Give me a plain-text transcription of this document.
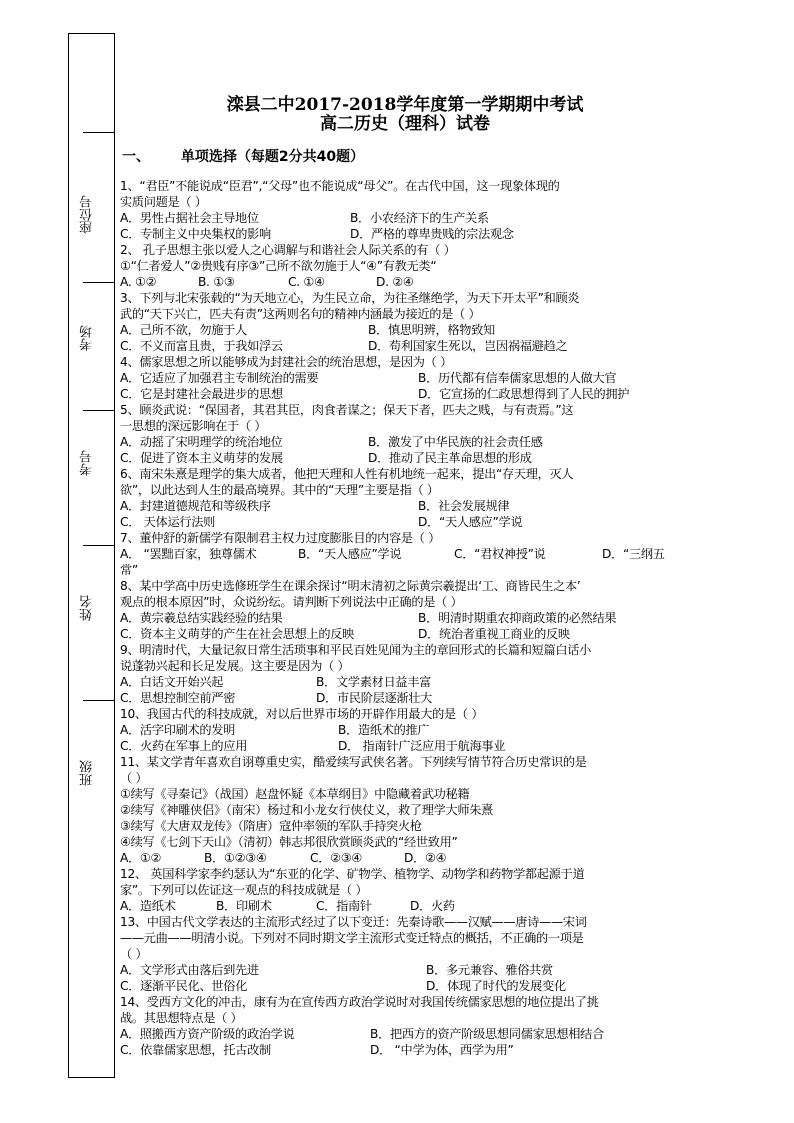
座位号
考场
考号
姓名
班级
滦县二中2017-2018学年度第一学期期中考试
高二历史（理科）试卷
一、 单项选择（每题2分共40题）
1、“君臣”不能说成“臣君”,“父母”也不能说成“母父”。在古代中国，这一现象体现的
实质问题是（ ）
A．男性占据社会主导地位	B．小农经济下的生产关系
C．专制主义中央集权的影响	D．严格的尊卑贵贱的宗法观念
2、 孔子思想主张以爱人之心调解与和谐社会人际关系的有（ ）
①“仁者爱人”②贵贱有序③”己所不欲勿施于人“④”有教无类“
A. ①②	B. ①③	C. ①④	D. ②④
3、下列与北宋张载的“为天地立心，为生民立命，为往圣继绝学，为天下开太平”和顾炎
武的“天下兴亡，匹夫有责”这两则名句的精神内涵最为接近的是（ ）
A．己所不欲，勿施于人	B．慎思明辨，格物致知
C．不义而富且贵，于我如浮云	D．苟利国家生死以，岂因祸福避趋之
4、儒家思想之所以能够成为封建社会的统治思想，是因为（ ）
A．它适应了加强君主专制统治的需要	B．历代都有信奉儒家思想的人做大官
C．它是封建社会最进步的思想	D．它宣扬的仁政思想得到了人民的拥护
5、顾炎武说：“保国者，其君其臣，肉食者谋之；保天下者，匹夫之贱，与有责焉。”这
一思想的深远影响在于（ ）
A．动摇了宋明理学的统治地位	B．激发了中华民族的社会责任感
C．促进了资本主义萌芽的发展	D．推动了民主革命思想的形成
6、南宋朱熹是理学的集大成者，他把天理和人性有机地统一起来，提出“存天理，灭人
欲”，以此达到人生的最高境界。其中的“天理”主要是指（ ）
A．封建道德规范和等级秩序	B．社会发展规律
C． 天体运行法则	D．“天人感应”学说
7、董仲舒的新儒学有限制君主权力过度膨胀目的内容是（ ）
A． “罢黜百家，独尊儒术	B．“天人感应”学说	C．“君权神授”说	D．“三纲五
常”
8、某中学高中历史选修班学生在课余探讨“明末清初之际黄宗羲提出‘工、商皆民生之本’
观点的根本原因”时，众说纷纭。请判断下列说法中正确的是（ ）
A．黄宗羲总结实践经验的结果	B．明清时期重农抑商政策的必然结果
C．资本主义萌芽的产生在社会思想上的反映	D．统治者重视工商业的反映
9、明清时代，大量记叙日常生活琐事和平民百姓见闻为主的章回形式的长篇和短篇白话小
说蓬勃兴起和长足发展。这主要是因为（ ）
A．白话文开始兴起	B．文学素材日益丰富
C．思想控制空前严密	D．市民阶层逐渐壮大
10、我国古代的科技成就，对以后世界市场的开辟作用最大的是（ ）
A．活字印刷术的发明	B．造纸术的推广
C．火药在军事上的应用	D． 指南针广泛应用于航海事业
11、某文学青年喜欢自诩尊重史实，酷爱续写武侠名著。下列续写情节符合历史常识的是
（ ）
①续写《寻秦记》（战国）赵盘怀疑《本草纲目》中隐藏着武功秘籍
②续写《神雕侠侣》（南宋）杨过和小龙女行侠仗义，救了理学大师朱熹
③续写《大唐双龙传》（隋唐）寇仲率领的军队手持突火枪
④续写《七剑下天山》（清初）韩志邦很欣赏顾炎武的“经世致用”
A．①②	B．①②③④	C．②③④	D．②④
12、 英国科学家李约瑟认为“东亚的化学、矿物学、植物学、动物学和药物学都起源于道
家”。下列可以佐证这一观点的科技成就是（ ）
A．造纸术	B．印刷术	C．指南针	D．火药
13、中国古代文学表达的主流形式经过了以下变迁：先秦诗歌——汉赋——唐诗——宋词
——元曲——明清小说。下列对不同时期文学主流形式变迁特点的概括，不正确的一项是
（ ）
A．文学形式由落后到先进	B．多元兼容、雅俗共赏
C．逐渐平民化、世俗化	D．体现了时代的发展变化
14、受西方文化的冲击，康有为在宣传西方政治学说时对我国传统儒家思想的地位提出了挑
战。其思想特点是（ ）
A．照搬西方资产阶级的政治学说	B．把西方的资产阶级思想同儒家思想相结合
C．依靠儒家思想，托古改制	D． “中学为体，西学为用”
